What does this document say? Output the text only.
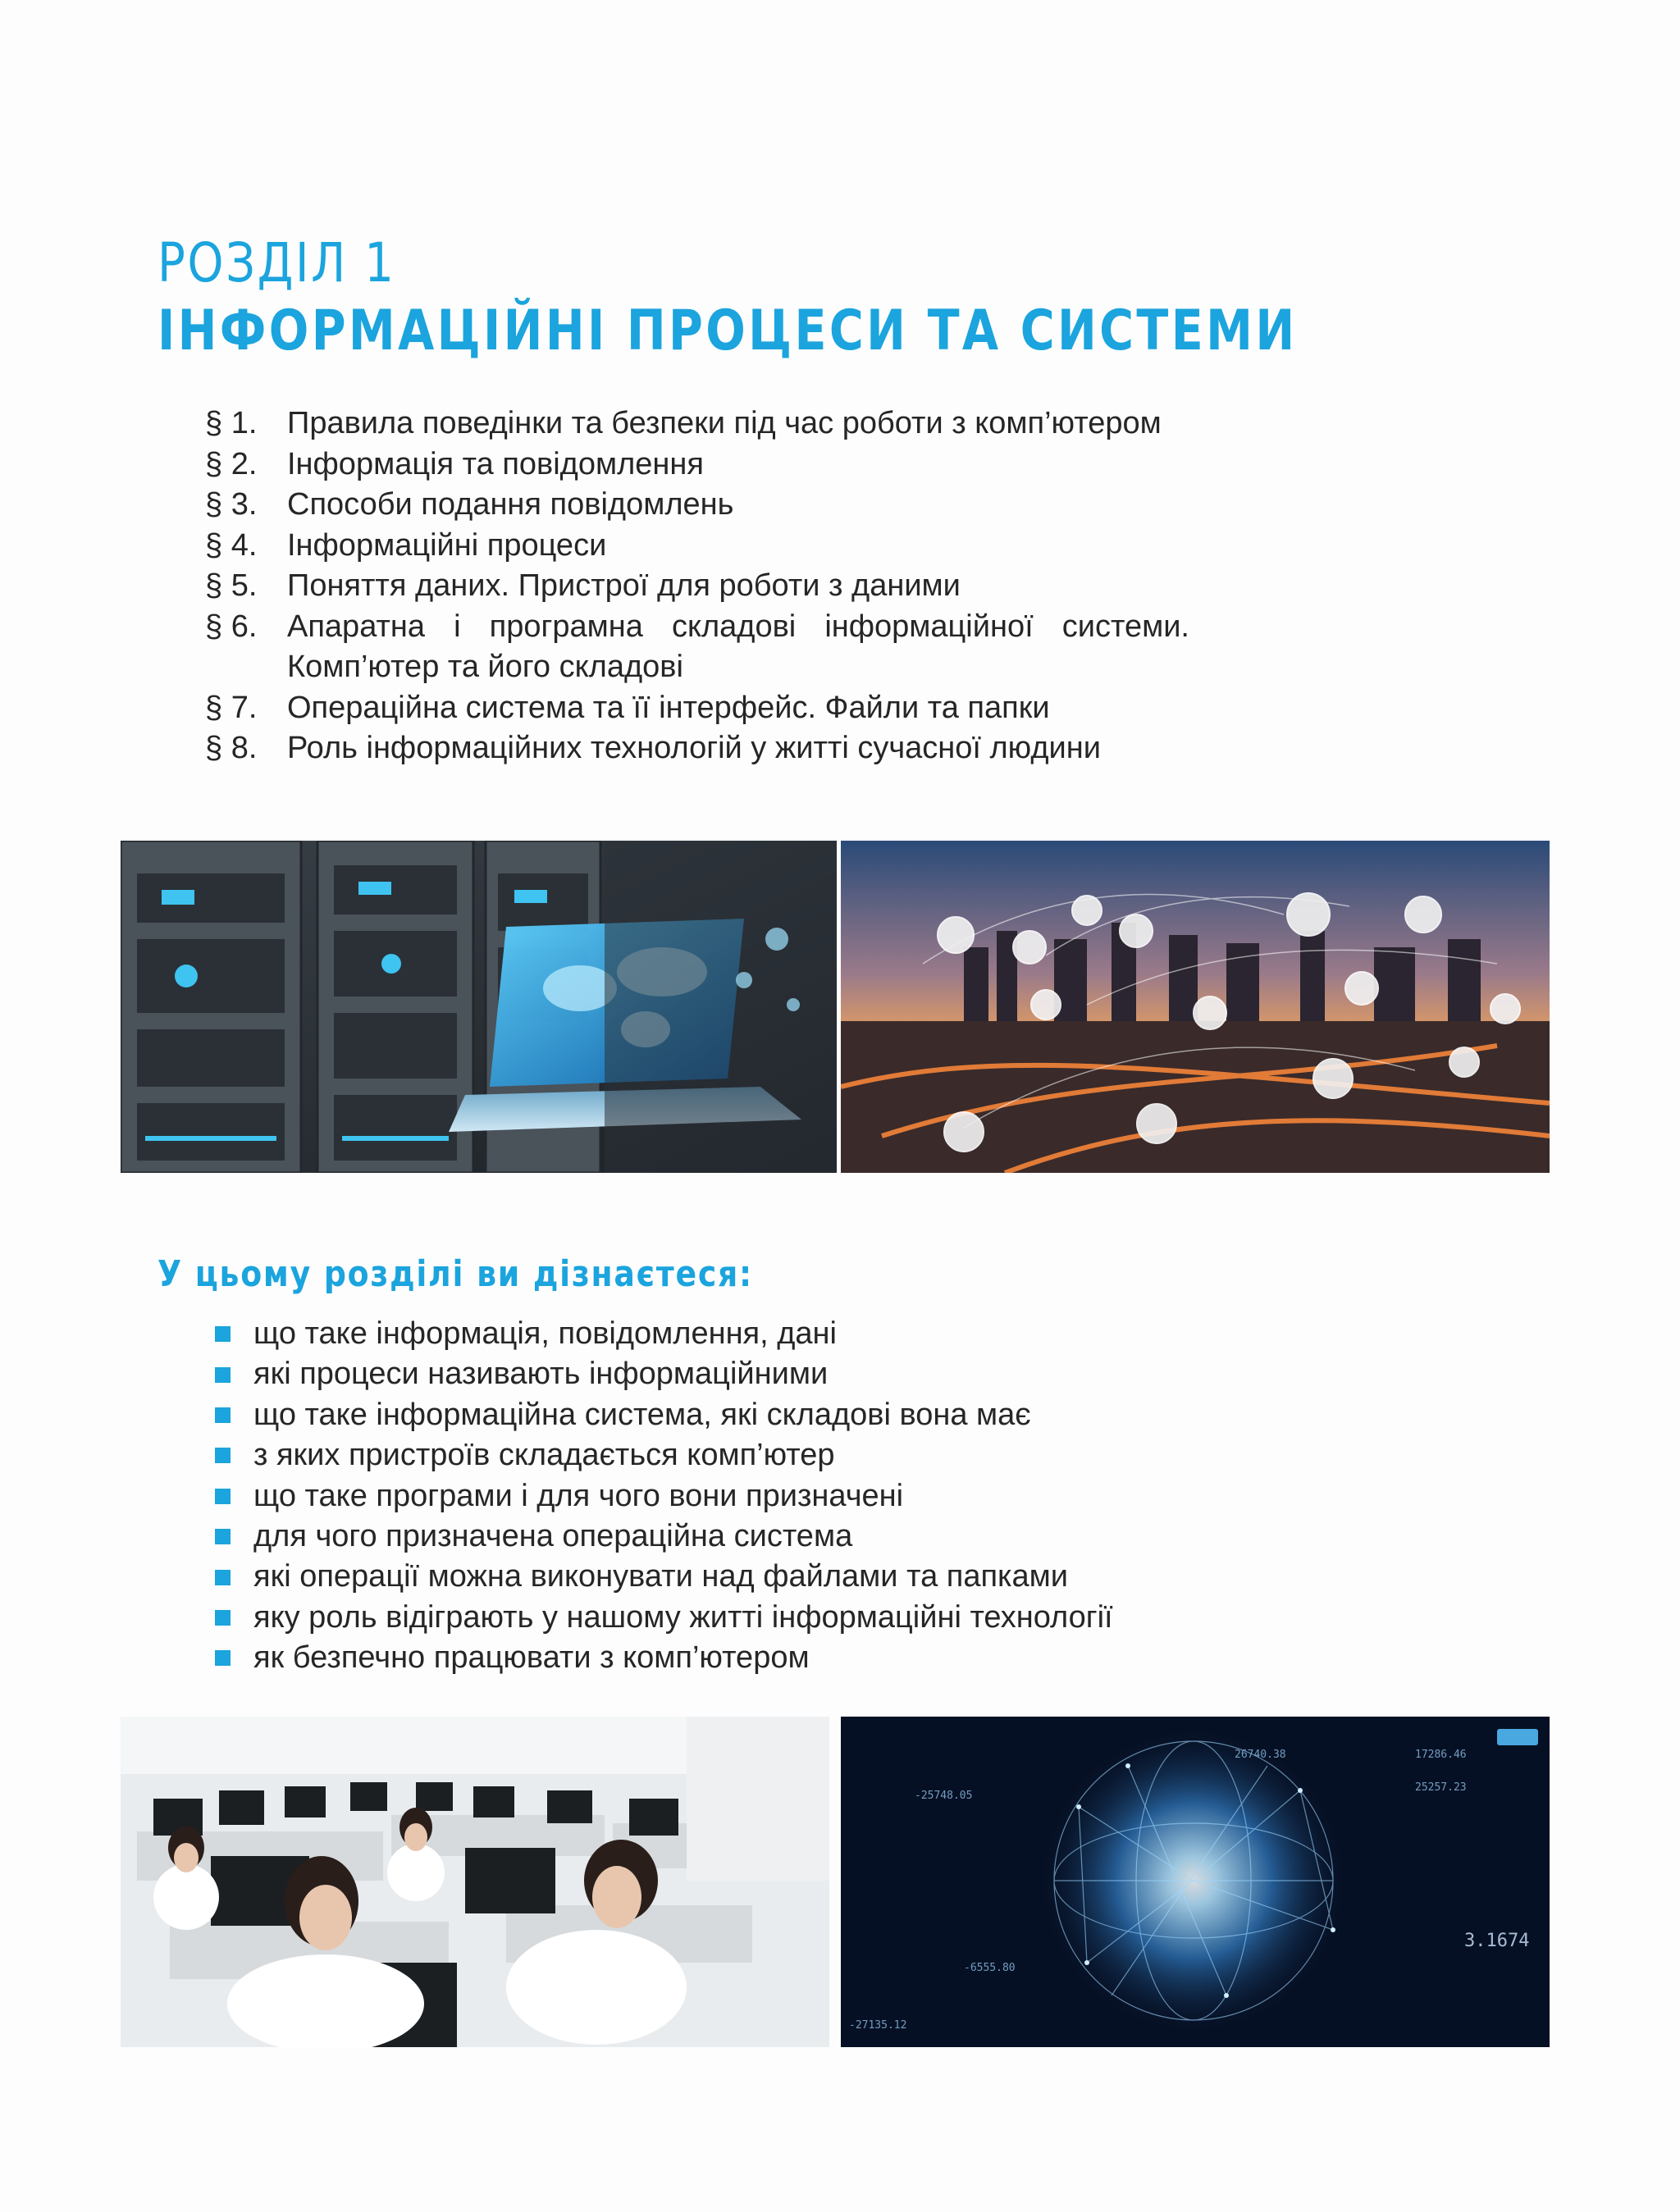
РОЗДІЛ 1
ІНФОРМАЦІЙНІ ПРОЦЕСИ ТА СИСТЕМИ
§ 1. Правила поведінки та безпеки під час роботи з комп’ютером
§ 2. Інформація та повідомлення
§ 3. Способи подання повідомлень
§ 4. Інформаційні процеси
§ 5. Поняття даних. Пристрої для роботи з даними
§ 6. Апаратна і програмна складові інформаційної системи. Комп’ютер та його складові
§ 7. Операційна система та її інтерфейс. Файли та папки
§ 8. Роль інформаційних технологій у житті сучасної людини
У цьому розділі ви дізнаєтеся:
що таке інформація, повідомлення, дані
які процеси називають інформаційними
що таке інформаційна система, які складові вона має
з яких пристроїв складається комп’ютер
що таке програми і для чого вони призначені
для чого призначена операційна система
які операції можна виконувати над файлами та папками
яку роль відіграють у нашому житті інформаційні технології
як безпечно працювати з комп’ютером
25257.23
3.1674
-6555.80
-27135.12
17286.46
26740.38
-25748.05
